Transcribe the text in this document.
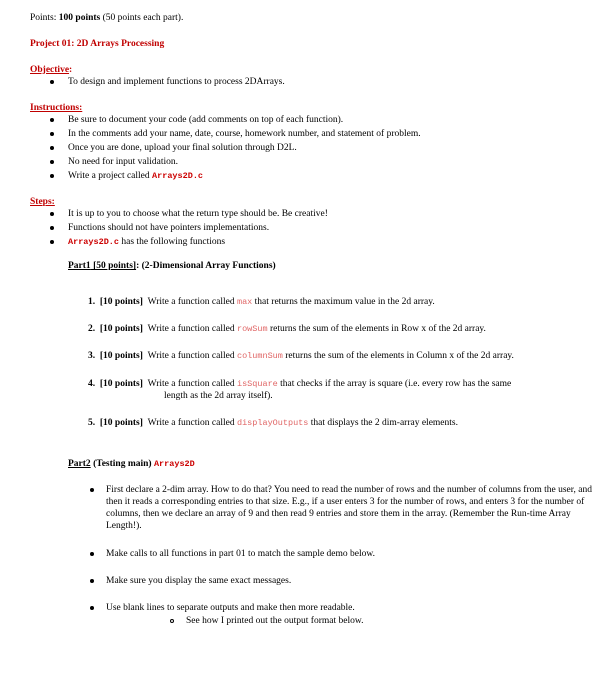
Points: 100 points (50 points each part).
Project 01: 2D Arrays Processing
Objective:
To design and implement functions to process 2DArrays.
Instructions:
Be sure to document your code (add comments on top of each function).
In the comments add your name, date, course, homework number, and statement of problem.
Once you are done, upload your final solution through D2L.
No need for input validation.
Write a project called Arrays2D.c
Steps:
It is up to you to choose what the return type should be. Be creative!
Functions should not have pointers implementations.
Arrays2D.c has the following functions
Part1 [50 points]: (2-Dimensional Array Functions)
1. [10 points] Write a function called max that returns the maximum value in the 2d array.
2. [10 points] Write a function called rowSum returns the sum of the elements in Row x of the 2d array.
3. [10 points] Write a function called columnSum returns the sum of the elements in Column x of the 2d array.
4. [10 points] Write a function called isSquare that checks if the array is square (i.e. every row has the same
length as the 2d array itself).
5. [10 points] Write a function called displayOutputs that displays the 2 dim-array elements.
Part2 (Testing main) Arrays2D
First declare a 2-dim array. How to do that? You need to read the number of rows and the number of columns from the user, and then it reads a corresponding entries to that size. E.g., if a user enters 3 for the number of rows, and enters 3 for the number of columns, then we declare an array of 9 and then read 9 entries and store them in the array. (Remember the Run-time Array Length!).
Make calls to all functions in part 01 to match the sample demo below.
Make sure you display the same exact messages.
Use blank lines to separate outputs and make then more readable.
See how I printed out the output format below.
